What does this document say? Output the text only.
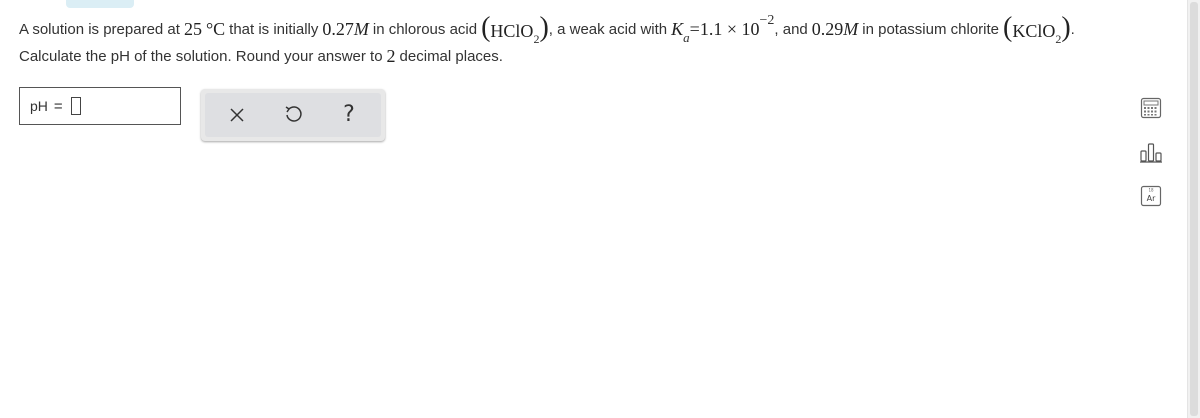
A solution is prepared at 25 °C that is initially 0.27 M in chlorous acid (HClO$_2$) , a weak acid with Ka=1.1 × 10−2
, and 0.29 M in potassium chlorite (KClO$_2$) .
Calculate the pH of the solution. Round your answer to 2 decimal places.
pH =	?
18
Ar
